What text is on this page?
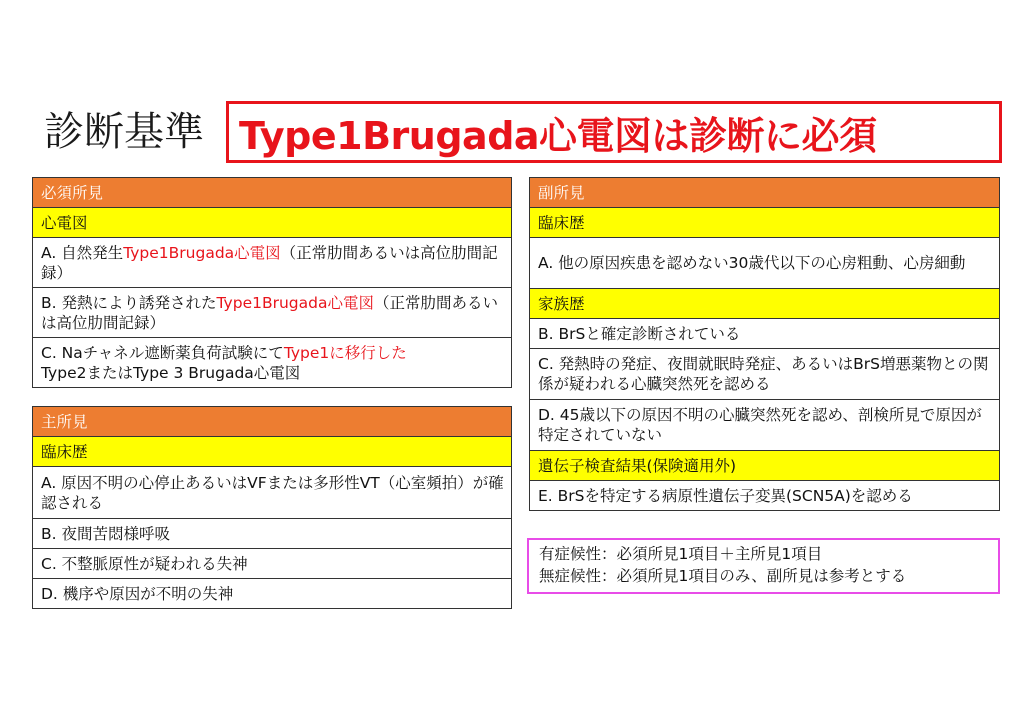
診断基準 Type1Brugada心電図は診断に必須
必須所見
心電図
A. 自然発生Type1Brugada心電図（正常肋間あるいは高位肋間記録）
B. 発熱により誘発されたType1Brugada心電図（正常肋間あるいは高位肋間記録）
C. Naチャネル遮断薬負荷試験にてType1に移行した
Type2またはType 3 Brugada心電図
主所見
臨床歴
A. 原因不明の心停止あるいはVFまたは多形性VT（心室頻拍）が確認される
B. 夜間苦悶様呼吸
C. 不整脈原性が疑われる失神
D. 機序や原因が不明の失神
副所見
臨床歴
A. 他の原因疾患を認めない30歳代以下の心房粗動、心房細動
家族歴
B. BrSと確定診断されている
C. 発熱時の発症、夜間就眠時発症、あるいはBrS増悪薬物との関係が疑われる心臓突然死を認める
D. 45歳以下の原因不明の心臓突然死を認め、剖検所見で原因が特定されていない
遺伝子検査結果(保険適用外)
E. BrSを特定する病原性遺伝子変異(SCN5A)を認める
有症候性：必須所見1項目＋主所見1項目
無症候性：必須所見1項目のみ、副所見は参考とする
